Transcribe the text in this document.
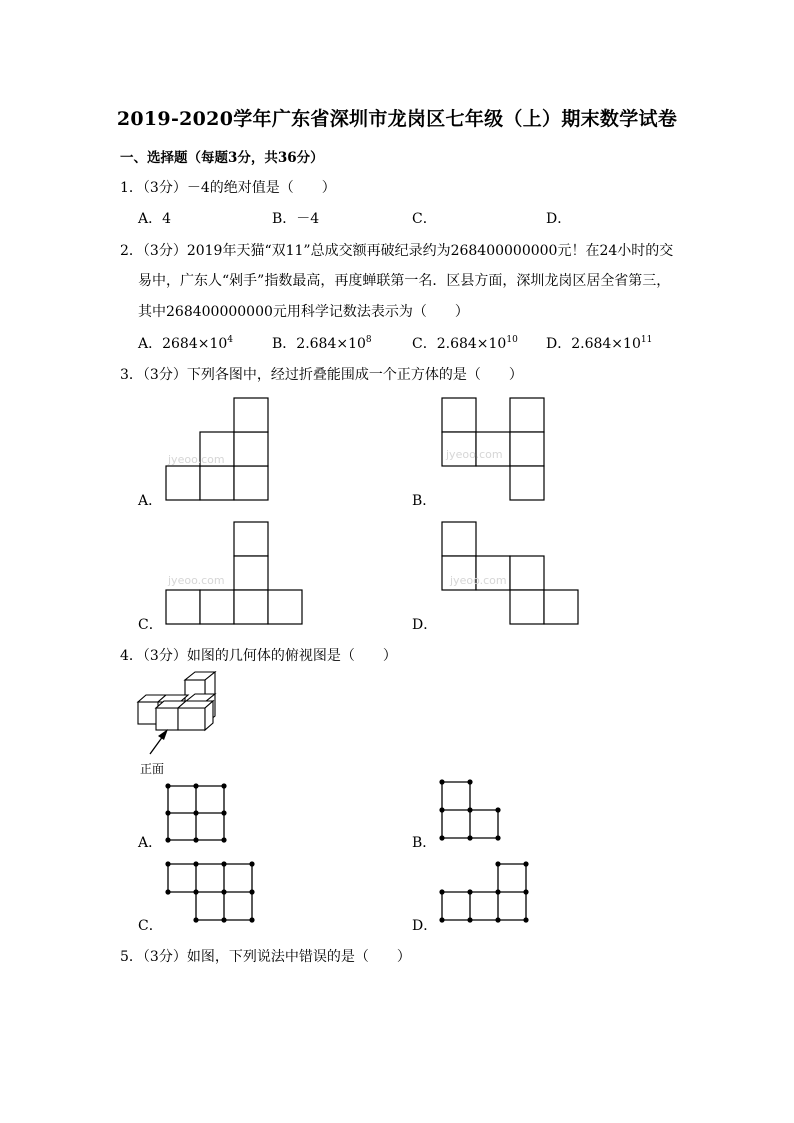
2019-2020学年广东省深圳市龙岗区七年级（上）期末数学试卷
一、选择题（每题3分，共36分）
1．（3分）－4的绝对值是（　　）
A．4	B．－4	C．	D．
2．（3分）2019年天猫“双11”总成交额再破纪录约为268400000000元！在24小时的交
易中，广东人“剁手”指数最高，再度蝉联第一名．区县方面，深圳龙岗区居全省第三，
其中268400000000元用科学记数法表示为（　　）
A．$2684\times 10^4$	B．$2.684\times 10^8$	C．$2.684\times 10^{10}$ D．$2.684\times 10^{11}$
3．（3分）下列各图中，经过折叠能围成一个正方体的是（　　）
jyeoo.com
A．
jyeoo.com
B．
jyeoo.com
C．
jyeoo.com
D．
4．（3分）如图的几何体的俯视图是（　　）
正面
A．	B．
C．	D．
5．（3分）如图，下列说法中错误的是（　　）
